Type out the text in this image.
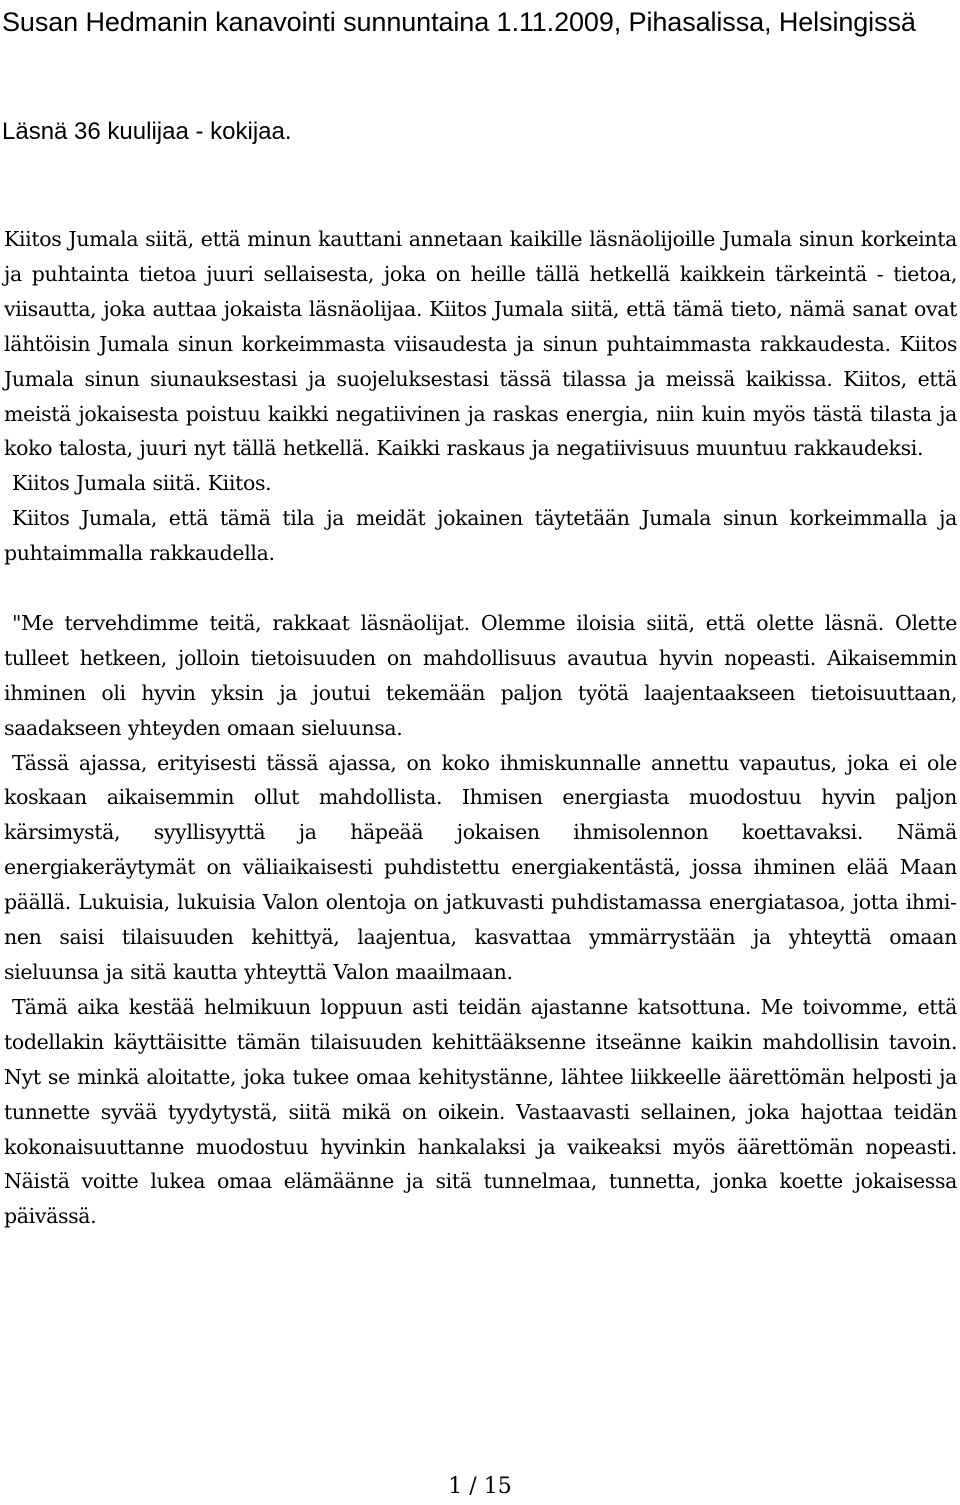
Susan Hedmanin kanavointi sunnuntaina 1.11.2009, Pihasalissa, Helsingissä

Läsnä 36 kuulijaa - kokijaa.

Kiitos Jumala siitä, että minun kauttani annetaan kaikille läsnäolijoille Jumala sinun korkeinta ja puhtainta tietoa juuri sellaisesta, joka on heille tällä hetkellä kaikkein tärkeintä - tietoa, viisautta, joka auttaa jokaista läsnäolijaa. Kiitos Jumala siitä, että tämä tieto, nämä sanat ovat lähtöisin Jumala sinun korkeimmasta viisaudesta ja sinun puhtaimmasta rakkaudesta. Kiitos Jumala sinun siunauksestasi ja suojeluksestasi tässä tilassa ja meissä kaikissa. Kiitos, että meistä jokaisesta poistuu kaikki negatiivinen ja raskas energia, niin kuin myös tästä tilasta ja koko talosta, juuri nyt tällä hetkellä. Kaikki raskaus ja negatiivisuus muuntuu rakkaudeksi.

Kiitos Jumala siitä. Kiitos.

Kiitos Jumala, että tämä tila ja meidät jokainen täytetään Jumala sinun korkeimmalla ja puhtaimmalla rakkaudella.

"Me tervehdimme teitä, rakkaat läsnäolijat. Olemme iloisia siitä, että olette läsnä. Olette tulleet hetkeen, jolloin tietoisuuden on mahdollisuus avautua hyvin nopeasti. Aikaisemmin ihminen oli hyvin yksin ja joutui tekemään paljon työtä laajentaakseen tietoisuuttaan, saadakseen yhteyden omaan sieluunsa.

Tässä ajassa, erityisesti tässä ajassa, on koko ihmiskunnalle annettu vapautus, joka ei ole koskaan aikaisemmin ollut mahdollista. Ihmisen energiasta muodostuu hyvin paljon kärsimystä, syyllisyyttä ja häpeää jokaisen ihmisolennon koettavaksi. Nämä energiakeräytymät on väliaikaisesti puhdistettu energiakentästä, jossa ihminen elää Maan päällä. Lukuisia, lukuisia Valon olentoja on jatkuvasti puhdistamassa energiatasoa, jotta ihminen saisi tilaisuuden kehittyä, laajentua, kasvattaa ymmärrystään ja yhteyttä omaan sieluunsa ja sitä kautta yhteyttä Valon maailmaan.

Tämä aika kestää helmikuun loppuun asti teidän ajastanne katsottuna. Me toivomme, että todellakin käyttäisitte tämän tilaisuuden kehittääksenne itseänne kaikin mahdollisin tavoin. Nyt se minkä aloitatte, joka tukee omaa kehitystänne, lähtee liikkeelle äärettömän helposti ja tunnette syvää tyydytystä, siitä mikä on oikein. Vastaavasti sellainen, joka hajottaa teidän kokonaisuuttanne muodostuu hyvinkin hankalaksi ja vaikeaksi myös äärettömän nopeasti. Näistä voitte lukea omaa elämäänne ja sitä tunnelmaa, tunnetta, jonka koette jokaisessa päivässä.

1 / 15
